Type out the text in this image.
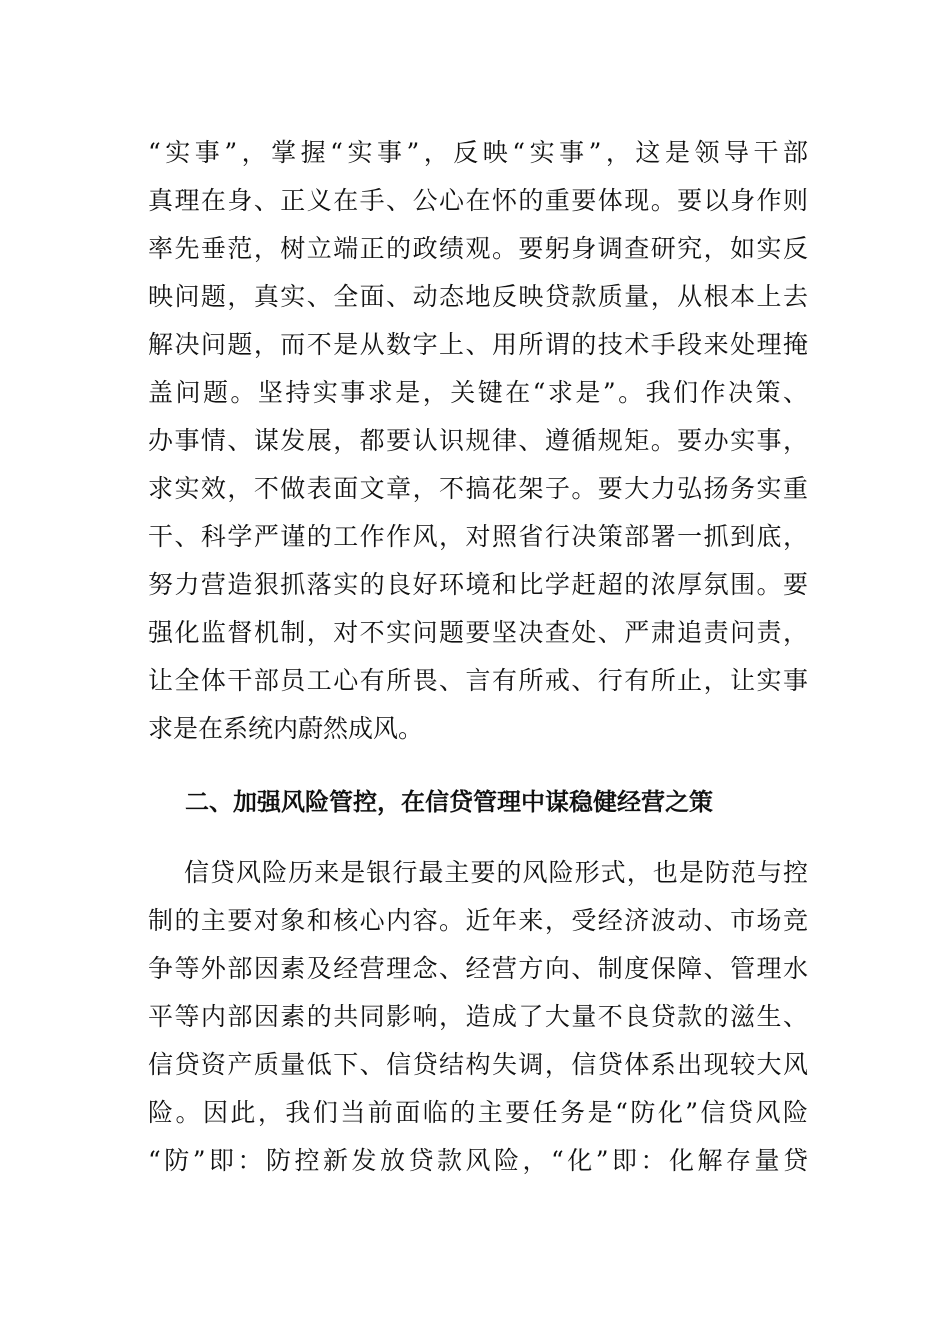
“实事”，掌握“实事”，反映“实事”，这是领导干部
真理在身、正义在手、公心在怀的重要体现。要以身作则
率先垂范，树立端正的政绩观。要躬身调查研究，如实反
映问题，真实、全面、动态地反映贷款质量，从根本上去
解决问题，而不是从数字上、用所谓的技术手段来处理掩
盖问题。坚持实事求是，关键在“求是”。我们作决策、
办事情、谋发展，都要认识规律、遵循规矩。要办实事，
求实效，不做表面文章，不搞花架子。要大力弘扬务实重
干、科学严谨的工作作风，对照省行决策部署一抓到底，
努力营造狠抓落实的良好环境和比学赶超的浓厚氛围。要
强化监督机制，对不实问题要坚决查处、严肃追责问责，
让全体干部员工心有所畏、言有所戒、行有所止，让实事
求是在系统内蔚然成风。
二、加强风险管控，在信贷管理中谋稳健经营之策
信贷风险历来是银行最主要的风险形式，也是防范与控
制的主要对象和核心内容。近年来，受经济波动、市场竞
争等外部因素及经营理念、经营方向、制度保障、管理水
平等内部因素的共同影响，造成了大量不良贷款的滋生、
信贷资产质量低下、信贷结构失调，信贷体系出现较大风
险。因此，我们当前面临的主要任务是“防化”信贷风险
“防”即：防控新发放贷款风险，“化”即：化解存量贷
